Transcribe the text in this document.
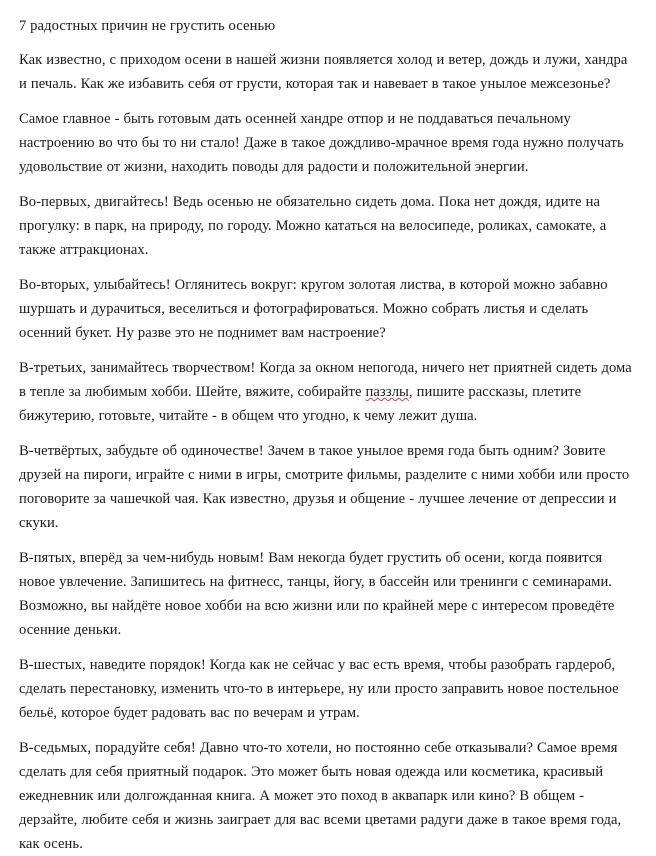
7 радостных причин не грустить осенью

Как известно, с приходом осени в нашей жизни появляется холод и ветер, дождь и лужи, хандра и печаль. Как же избавить себя от грусти, которая так и навевает в такое унылое межсезонье?

Самое главное - быть готовым дать осенней хандре отпор и не поддаваться печальному настроению во что бы то ни стало! Даже в такое дождливо-мрачное время года нужно получать удовольствие от жизни, находить поводы для радости и положительной энергии.

Во-первых, двигайтесь! Ведь осенью не обязательно сидеть дома. Пока нет дождя, идите на прогулку: в парк, на природу, по городу. Можно кататься на велосипеде, роликах, самокате, а также аттракционах.

Во-вторых, улыбайтесь! Оглянитесь вокруг: кругом золотая листва, в которой можно забавно шуршать и дурачиться, веселиться и фотографироваться. Можно собрать листья и сделать осенний букет. Ну разве это не поднимет вам настроение?

В-третьих, занимайтесь творчеством! Когда за окном непогода, ничего нет приятней сидеть дома в тепле за любимым хобби. Шейте, вяжите, собирайте паззлы, пишите рассказы, плетите бижутерию, готовьте, читайте - в общем что угодно, к чему лежит душа.

В-четвёртых, забудьте об одиночестве! Зачем в такое унылое время года быть одним? Зовите друзей на пироги, играйте с ними в игры, смотрите фильмы, разделите с ними хобби или просто поговорите за чашечкой чая. Как известно, друзья и общение - лучшее лечение от депрессии и скуки.

В-пятых, вперёд за чем-нибудь новым! Вам некогда будет грустить об осени, когда появится новое увлечение. Запишитесь на фитнесс, танцы, йогу, в бассейн или тренинги с семинарами. Возможно, вы найдёте новое хобби на всю жизни или по крайней мере с интересом проведёте осенние деньки.

В-шестых, наведите порядок! Когда как не сейчас у вас есть время, чтобы разобрать гардероб, сделать перестановку, изменить что-то в интерьере, ну или просто заправить новое постельное бельё, которое будет радовать вас по вечерам и утрам.

В-седьмых, порадуйте себя! Давно что-то хотели, но постоянно себе отказывали? Самое время сделать для себя приятный подарок. Это может быть новая одежда или косметика, красивый ежедневник или долгожданная книга. А может это поход в аквапарк или кино? В общем - дерзайте, любите себя и жизнь заиграет для вас всеми цветами радуги даже в такое время года, как осень.
